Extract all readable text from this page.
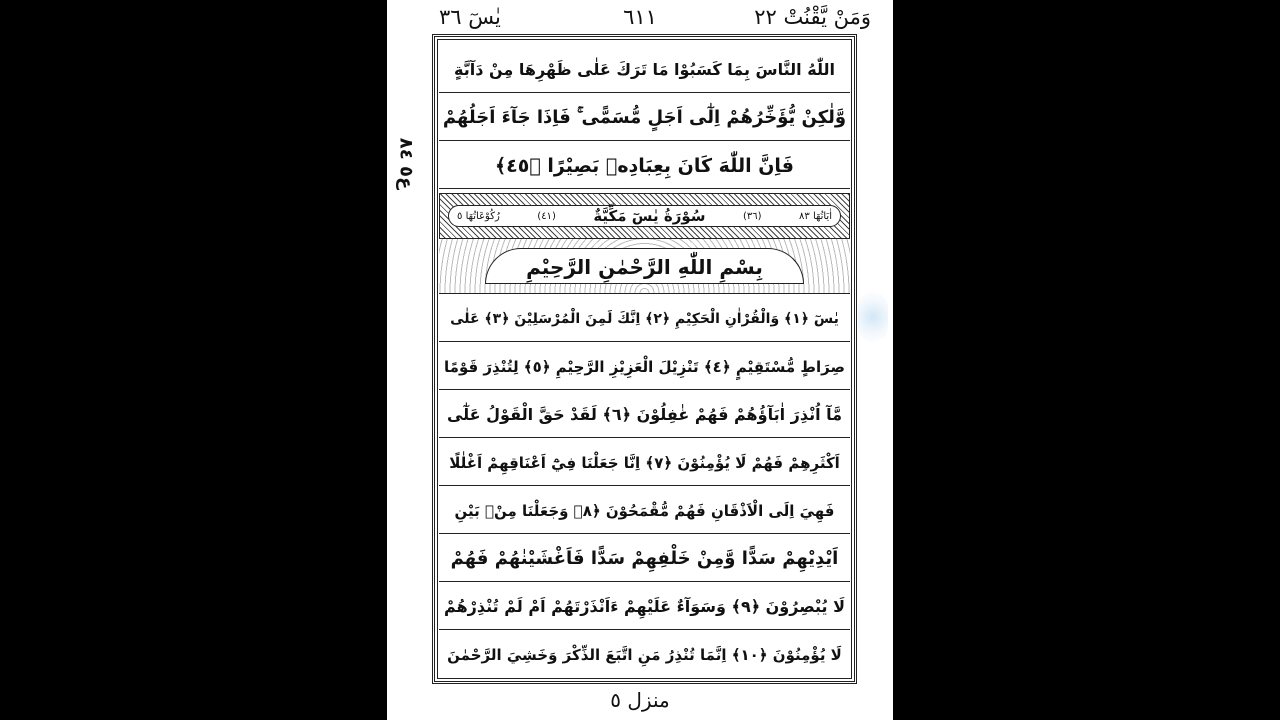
وَمَنْ يَّقْنُتْ ٢٢
٦١١
يٰسٓ ٣٦
اللّٰهُ النَّاسَ بِمَا كَسَبُوْا مَا تَرَكَ عَلٰى ظَهْرِهَا مِنْ دَآبَّةٍ
وَّلٰكِنْ يُّؤَخِّرُهُمْ اِلٰٓى اَجَلٍ مُّسَمًّى ۚ فَاِذَا جَآءَ اَجَلُهُمْ
فَاِنَّ اللّٰهَ كَانَ بِعِبَادِهٖ بَصِيْرًا ﴿٤٥﴾
اٰيَاتُهَا ٨٣
(٣٦)
سُوْرَةُ يٰسٓ مَكِّيَّةٌ
(٤١)
رُكُوْعَاتُهَا ٥
بِسْمِ اللّٰهِ الرَّحْمٰنِ الرَّحِيْمِ
يٰسٓ ﴿١﴾ وَالْقُرْاٰنِ الْحَكِيْمِ ﴿٢﴾ اِنَّكَ لَمِنَ الْمُرْسَلِيْنَ ﴿٣﴾ عَلٰى
صِرَاطٍ مُّسْتَقِيْمٍ ﴿٤﴾ تَنْزِيْلَ الْعَزِيْزِ الرَّحِيْمِ ﴿٥﴾ لِتُنْذِرَ قَوْمًا
مَّآ اُنْذِرَ اٰبَآؤُهُمْ فَهُمْ غٰفِلُوْنَ ﴿٦﴾ لَقَدْ حَقَّ الْقَوْلُ عَلٰٓى
اَكْثَرِهِمْ فَهُمْ لَا يُؤْمِنُوْنَ ﴿٧﴾ اِنَّا جَعَلْنَا فِيْٓ اَعْنَاقِهِمْ اَغْلٰلًا
فَهِيَ اِلَى الْاَذْقَانِ فَهُمْ مُّقْمَحُوْنَ ﴿٨﴾ وَجَعَلْنَا مِنْۢ بَيْنِ
اَيْدِيْهِمْ سَدًّا وَّمِنْ خَلْفِهِمْ سَدًّا فَاَغْشَيْنٰهُمْ فَهُمْ
لَا يُبْصِرُوْنَ ﴿٩﴾ وَسَوَآءٌ عَلَيْهِمْ ءَاَنْذَرْتَهُمْ اَمْ لَمْ تُنْذِرْهُمْ
لَا يُؤْمِنُوْنَ ﴿١٠﴾ اِنَّمَا تُنْذِرُ مَنِ اتَّبَعَ الذِّكْرَ وَخَشِيَ الرَّحْمٰنَ
منزل ٥
ع٥ ٨٤
